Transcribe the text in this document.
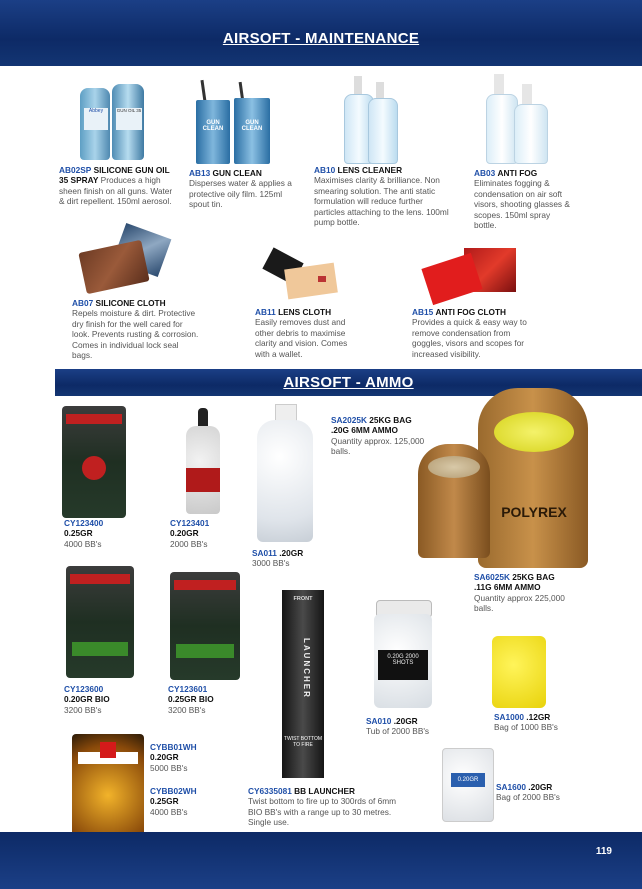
AIRSOFT - MAINTENANCE
Abbey	GUN OIL 35
GUN CLEAN
GUN CLEAN
AB02SP SILICONE GUN OIL 35 SPRAY Produces a high sheen finish on all guns. Water & dirt repellent. 150ml aerosol.
AB13 GUN CLEAN
Disperses water & applies a protective oily film. 125ml spout tin.
AB10 LENS CLEANER
Maximises clarity & brilliance. Non smearing solution. The anti static formulation will reduce further particles attaching to the lens. 100ml pump bottle.
AB03 ANTI FOG
Eliminates fogging & condensation on air soft visors, shooting glasses & scopes. 150ml spray bottle.
AB07 SILICONE CLOTH
Repels moisture & dirt. Protective dry finish for the well cared for look. Prevents rusting & corrosion. Comes in individual lock seal bags.
AB11 LENS CLOTH
Easily removes dust and other debris to maximise clarity and vision. Comes with a wallet.
AB15 ANTI FOG CLOTH
Provides a quick & easy way to remove condensation from goggles, visors and scopes for increased visibility.
AIRSOFT - AMMO
SA2025K 25KG BAG .20G 6MM AMMO
Quantity approx. 125,000 balls.
POLYREX
CY123400
0.25GR
4000 BB's
CY123401
0.20GR
2000 BB's
SA011 .20GR
3000 BB's
SA6025K 25KG BAG .11G 6MM AMMO
Quantity approx 225,000 balls.
FRONT
LAUNCHER
TWIST BOTTOM TO FIRE
0.20G 2000 SHOTS
CY123600
0.20GR BIO
3200 BB's
CY123601
0.25GR BIO
3200 BB's
SA010 .20GR
Tub of 2000 BB's
SA1000 .12GR
Bag of 1000 BB's
0.20GR
CYBB01WH
0.20GR
5000 BB's
CYBB02WH
0.25GR
4000 BB's
CY6335081 BB LAUNCHER
Twist bottom to fire up to 300rds of 6mm BIO BB's with a range up to 30 metres. Single use.
SA1600 .20GR
Bag of 2000 BB's
119
